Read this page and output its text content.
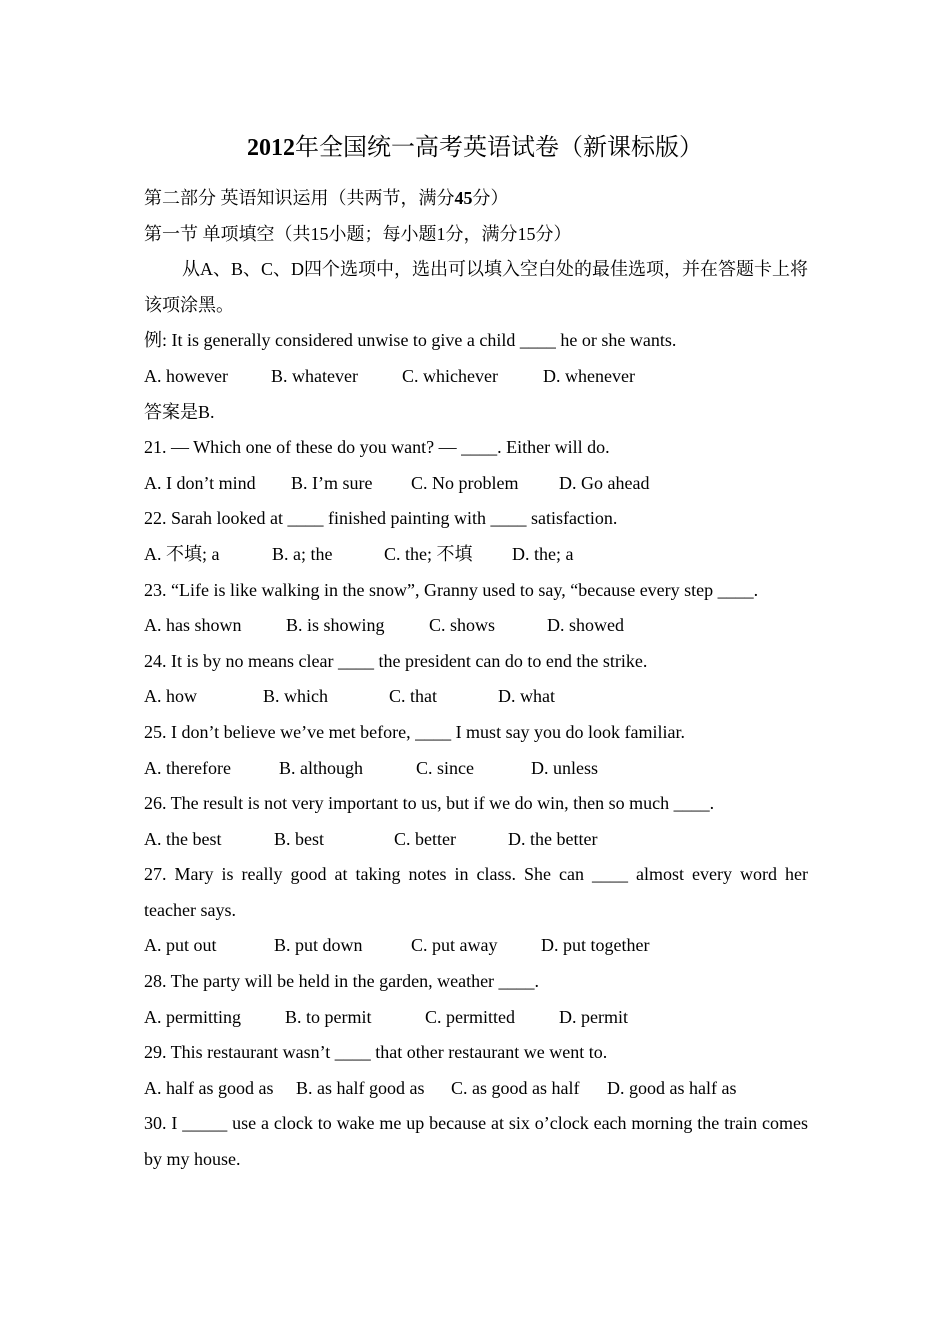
2012年全国统一高考英语试卷（新课标版）
第二部分 英语知识运用（共两节，满分45分）
第一节 单项填空（共15小题；每小题1分，满分15分）
从A、B、C、D四个选项中，选出可以填入空白处的最佳选项，并在答题卡上将该项涂黑。
例: It is generally considered unwise to give a child ____ he or she wants.
A. however	B. whatever	C. whichever	D. whenever
答案是B.
21. — Which one of these do you want? — ____. Either will do.
A. I don’t mind	B. I’m sure	C. No problem	D. Go ahead
22. Sarah looked at ____ finished painting with ____ satisfaction.
A. 不填; a	B. a; the	C. the; 不填	D. the; a
23. “Life is like walking in the snow”, Granny used to say, “because every step ____.
A. has shown	B. is showing	C. shows	D. showed
24. It is by no means clear ____ the president can do to end the strike.
A. how	B. which	C. that	D. what
25. I don’t believe we’ve met before, ____ I must say you do look familiar.
A. therefore	B. although	C. since	D. unless
26. The result is not very important to us, but if we do win, then so much ____.
A. the best	B. best	C. better	D. the better
27. Mary is really good at taking notes in class. She can ____ almost every word her teacher says.
A. put out	B. put down	C. put away	D. put together
28. The party will be held in the garden, weather ____.
A. permitting	B. to permit	C. permitted	D. permit
29. This restaurant wasn’t ____ that other restaurant we went to.
A. half as good as	B. as half good as	C. as good as half	D. good as half as
30. I _____ use a clock to wake me up because at six o’clock each morning the train comes by my house.
